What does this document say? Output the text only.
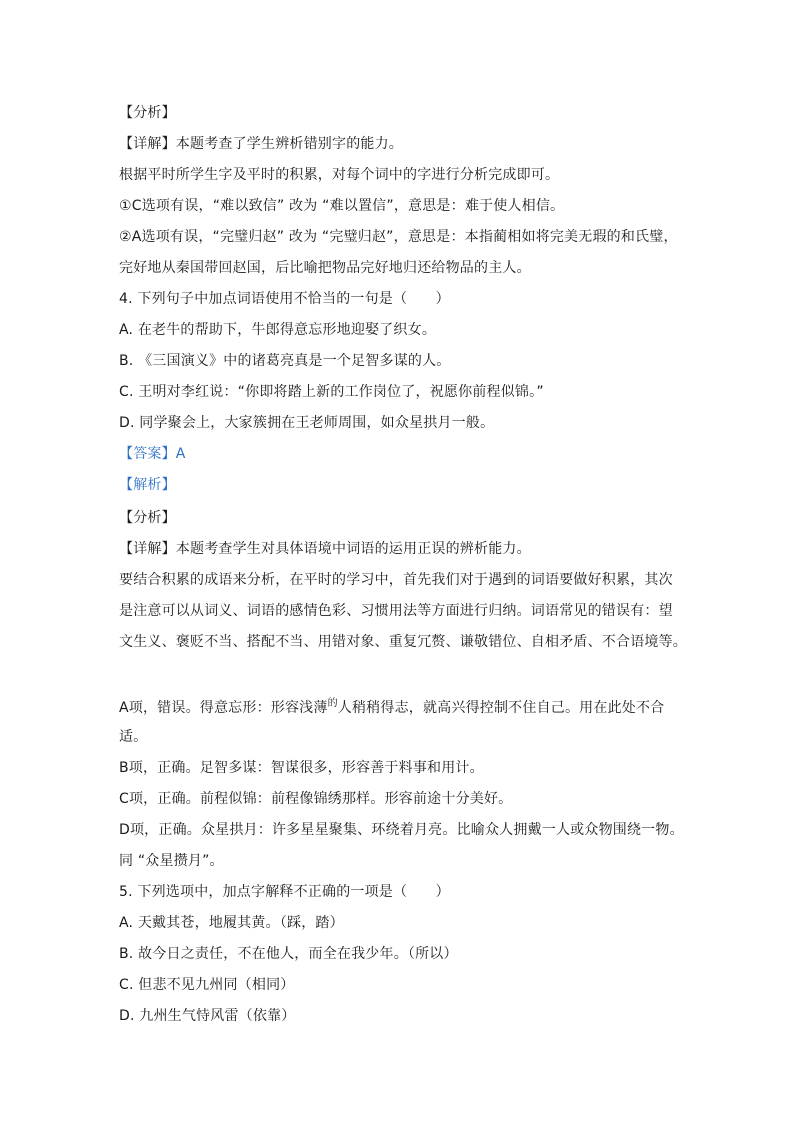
【分析】
【详解】本题考查了学生辨析错别字的能力。
根据平时所学生字及平时的积累，对每个词中的字进行分析完成即可。
①C选项有误，“难以致信” 改为 “难以置信”，意思是：难于使人相信。
②A选项有误，“完璧归赵” 改为 “完璧归赵”，意思是：本指蔺相如将完美无瑕的和氏璧，
完好地从秦国带回赵国，后比喻把物品完好地归还给物品的主人。
4. 下列句子中加点词语使用不恰当的一句是（　　）
A. 在老牛的帮助下，牛郎得意忘形地迎娶了织女。
B. 《三国演义》中的诸葛亮真是一个足智多谋的人。
C. 王明对李红说：“你即将踏上新的工作岗位了，祝愿你前程似锦。”
D. 同学聚会上，大家簇拥在王老师周围，如众星拱月一般。
【答案】A
【解析】
【分析】
【详解】本题考查学生对具体语境中词语的运用正误的辨析能力。
要结合积累的成语来分析，在平时的学习中，首先我们对于遇到的词语要做好积累，其次
是注意可以从词义、词语的感情色彩、习惯用法等方面进行归纳。词语常见的错误有：望
文生义、褒贬不当、搭配不当、用错对象、重复冗赘、谦敬错位、自相矛盾、不合语境等。
A项，错误。得意忘形：形容浅薄$^的$人稍稍得志，就高兴得控制不住自己。用在此处不合
适。
B项，正确。足智多谋：智谋很多，形容善于料事和用计。
C项，正确。前程似锦：前程像锦绣那样。形容前途十分美好。
D项，正确。众星拱月：许多星星聚集、环绕着月亮。比喻众人拥戴一人或众物围绕一物。
同 “众星攒月”。
5. 下列选项中，加点字解释不正确的一项是（　　）
A. 天戴其苍，地履其黄。（踩，踏）
B. 故今日之责任，不在他人，而全在我少年。（所以）
C. 但悲不见九州同（相同）
D. 九州生气恃风雷（依靠）
